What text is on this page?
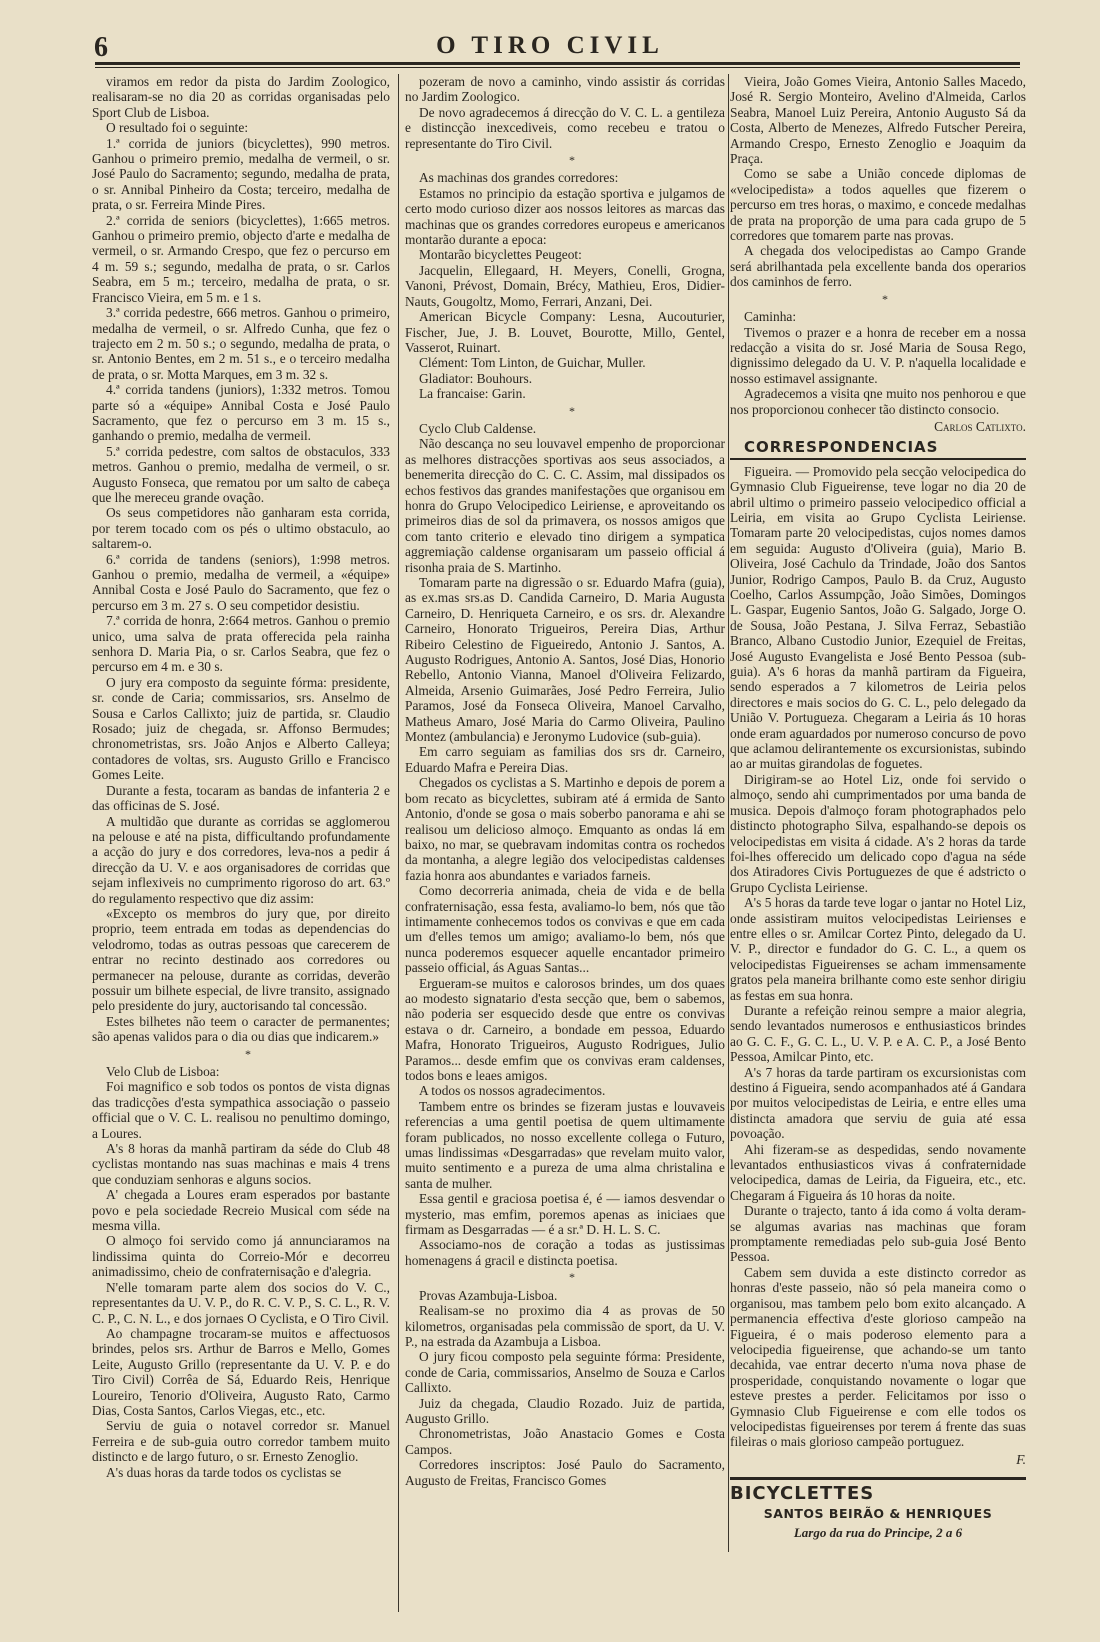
6	O TIRO CIVIL

viramos em redor da pista do Jardim Zoologico, realisaram-se no dia 20 as corridas organisadas pelo Sport Club de Lisboa.

O resultado foi o seguinte:

1.ª corrida de juniors (bicyclettes), 990 metros. Ganhou o primeiro premio, medalha de vermeil, o sr. José Paulo do Sacramento; segundo, medalha de prata, o sr. Annibal Pinheiro da Costa; terceiro, medalha de prata, o sr. Ferreira Minde Pires.

2.ª corrida de seniors (bicyclettes), 1:665 metros. Ganhou o primeiro premio, objecto d'arte e medalha de vermeil, o sr. Armando Crespo, que fez o percurso em 4 m. 59 s.; segundo, medalha de prata, o sr. Carlos Seabra, em 5 m.; terceiro, medalha de prata, o sr. Francisco Vieira, em 5 m. e 1 s.

3.ª corrida pedestre, 666 metros. Ganhou o primeiro, medalha de vermeil, o sr. Alfredo Cunha, que fez o trajecto em 2 m. 50 s.; o segundo, medalha de prata, o sr. Antonio Bentes, em 2 m. 51 s., e o terceiro medalha de prata, o sr. Motta Marques, em 3 m. 32 s.

4.ª corrida tandens (juniors), 1:332 metros. Tomou parte só a «équipe» Annibal Costa e José Paulo Sacramento, que fez o percurso em 3 m. 15 s., ganhando o premio, medalha de vermeil.

5.ª corrida pedestre, com saltos de obstaculos, 333 metros. Ganhou o premio, medalha de vermeil, o sr. Augusto Fonseca, que rematou por um salto de cabeça que lhe mereceu grande ovação.

Os seus competidores não ganharam esta corrida, por terem tocado com os pés o ultimo obstaculo, ao saltarem-o.

6.ª corrida de tandens (seniors), 1:998 metros. Ganhou o premio, medalha de vermeil, a «équipe» Annibal Costa e José Paulo do Sacramento, que fez o percurso em 3 m. 27 s. O seu competidor desistiu.

7.ª corrida de honra, 2:664 metros. Ganhou o premio unico, uma salva de prata offerecida pela rainha senhora D. Maria Pia, o sr. Carlos Seabra, que fez o percurso em 4 m. e 30 s.

O jury era composto da seguinte fórma: presidente, sr. conde de Caria; commissarios, srs. Anselmo de Sousa e Carlos Callixto; juiz de partida, sr. Claudio Rosado; juiz de chegada, sr. Affonso Bermudes; chronometristas, srs. João Anjos e Alberto Calleya; contadores de voltas, srs. Augusto Grillo e Francisco Gomes Leite.

Durante a festa, tocaram as bandas de infanteria 2 e das officinas de S. José.

A multidão que durante as corridas se agglomerou na pelouse e até na pista, difficultando profundamente a acção do jury e dos corredores, leva-nos a pedir á direcção da U. V. e aos organisadores de corridas que sejam inflexiveis no cumprimento rigoroso do art. 63.º do regulamento respectivo que diz assim:

«Excepto os membros do jury que, por direito proprio, teem entrada em todas as dependencias do velodromo, todas as outras pessoas que carecerem de entrar no recinto destinado aos corredores ou permanecer na pelouse, durante as corridas, deverão possuir um bilhete especial, de livre transito, assignado pelo presidente do jury, auctorisando tal concessão.

Estes bilhetes não teem o caracter de permanentes; são apenas validos para o dia ou dias que indicarem.»

*

Velo Club de Lisboa:

Foi magnifico e sob todos os pontos de vista dignas das tradicções d'esta sympathica associação o passeio official que o V. C. L. realisou no penultimo domingo, a Loures.

A's 8 horas da manhã partiram da séde do Club 48 cyclistas montando nas suas machinas e mais 4 trens que conduziam senhoras e alguns socios.

A' chegada a Loures eram esperados por bastante povo e pela sociedade Recreio Musical com séde na mesma villa.

O almoço foi servido como já annunciaramos na lindissima quinta do Correio-Mór e decorreu animadissimo, cheio de confraternisação e d'alegria.

N'elle tomaram parte alem dos socios do V. C., representantes da U. V. P., do R. C. V. P., S. C. L., R. V. C. P., C. N. L., e dos jornaes O Cyclista, e O Tiro Civil.

Ao champagne trocaram-se muitos e affectuosos brindes, pelos srs. Arthur de Barros e Mello, Gomes Leite, Augusto Grillo (representante da U. V. P. e do Tiro Civil) Corrêa de Sá, Eduardo Reis, Henrique Loureiro, Tenorio d'Oliveira, Augusto Rato, Carmo Dias, Costa Santos, Carlos Viegas, etc., etc.

Serviu de guia o notavel corredor sr. Manuel Ferreira e de sub-guia outro corredor tambem muito distincto e de largo futuro, o sr. Ernesto Zenoglio.

A's duas horas da tarde todos os cyclistas se

pozeram de novo a caminho, vindo assistir ás corridas no Jardim Zoologico.

De novo agradecemos á direcção do V. C. L. a gentileza e distincção inexcediveis, como recebeu e tratou o representante do Tiro Civil.

*

As machinas dos grandes corredores:

Estamos no principio da estação sportiva e julgamos de certo modo curioso dizer aos nossos leitores as marcas das machinas que os grandes corredores europeus e americanos montarão durante a epoca:

Montarão bicyclettes Peugeot:

Jacquelin, Ellegaard, H. Meyers, Conelli, Grogna, Vanoni, Prévost, Domain, Brécy, Mathieu, Eros, Didier-Nauts, Gougoltz, Momo, Ferrari, Anzani, Dei.

American Bicycle Company: Lesna, Aucouturier, Fischer, Jue, J. B. Louvet, Bourotte, Millo, Gentel, Vasserot, Ruinart.

Clément: Tom Linton, de Guichar, Muller.

Gladiator: Bouhours.

La francaise: Garin.

*

Cyclo Club Caldense.

Não descança no seu louvavel empenho de proporcionar as melhores distracções sportivas aos seus associados, a benemerita direcção do C. C. C. Assim, mal dissipados os echos festivos das grandes manifestações que organisou em honra do Grupo Velocipedico Leiriense, e aproveitando os primeiros dias de sol da primavera, os nossos amigos que com tanto criterio e elevado tino dirigem a sympatica aggremiação caldense organisaram um passeio official á risonha praia de S. Martinho.

Tomaram parte na digressão o sr. Eduardo Mafra (guia), as ex.mas srs.as D. Candida Carneiro, D. Maria Augusta Carneiro, D. Henriqueta Carneiro, e os srs. dr. Alexandre Carneiro, Honorato Trigueiros, Pereira Dias, Arthur Ribeiro Celestino de Figueiredo, Antonio J. Santos, A. Augusto Rodrigues, Antonio A. Santos, José Dias, Honorio Rebello, Antonio Vianna, Manoel d'Oliveira Felizardo, Almeida, Arsenio Guimarães, José Pedro Ferreira, Julio Paramos, José da Fonseca Oliveira, Manoel Carvalho, Matheus Amaro, José Maria do Carmo Oliveira, Paulino Montez (ambulancia) e Jeronymo Ludovice (sub-guia).

Em carro seguiam as familias dos srs dr. Carneiro, Eduardo Mafra e Pereira Dias.

Chegados os cyclistas a S. Martinho e depois de porem a bom recato as bicyclettes, subiram até á ermida de Santo Antonio, d'onde se gosa o mais soberbo panorama e ahi se realisou um delicioso almoço. Emquanto as ondas lá em baixo, no mar, se quebravam indomitas contra os rochedos da montanha, a alegre legião dos velocipedistas caldenses fazia honra aos abundantes e variados farneis.

Como decorreria animada, cheia de vida e de bella confraternisação, essa festa, avaliamo-lo bem, nós que tão intimamente conhecemos todos os convivas e que em cada um d'elles temos um amigo; avaliamo-lo bem, nós que nunca poderemos esquecer aquelle encantador primeiro passeio official, ás Aguas Santas...

Ergueram-se muitos e calorosos brindes, um dos quaes ao modesto signatario d'esta secção que, bem o sabemos, não poderia ser esquecido desde que entre os convivas estava o dr. Carneiro, a bondade em pessoa, Eduardo Mafra, Honorato Trigueiros, Augusto Rodrigues, Julio Paramos... desde emfim que os convivas eram caldenses, todos bons e leaes amigos.

A todos os nossos agradecimentos.

Tambem entre os brindes se fizeram justas e louvaveis referencias a uma gentil poetisa de quem ultimamente foram publicados, no nosso excellente collega o Futuro, umas lindissimas «Desgarradas» que revelam muito valor, muito sentimento e a pureza de uma alma christalina e santa de mulher.

Essa gentil e graciosa poetisa é, é — iamos desvendar o mysterio, mas emfim, poremos apenas as iniciaes que firmam as Desgarradas — é a sr.ª D. H. L. S. C.

Associamo-nos de coração a todas as justissimas homenagens á gracil e distincta poetisa.

*

Provas Azambuja-Lisboa.

Realisam-se no proximo dia 4 as provas de 50 kilometros, organisadas pela commissão de sport, da U. V. P., na estrada da Azambuja a Lisboa.

O jury ficou composto pela seguinte fórma: Presidente, conde de Caria, commissarios, Anselmo de Souza e Carlos Callixto.

Juiz da chegada, Claudio Rozado. Juiz de partida, Augusto Grillo.

Chronometristas, João Anastacio Gomes e Costa Campos.

Corredores inscriptos: José Paulo do Sacramento, Augusto de Freitas, Francisco Gomes

Vieira, João Gomes Vieira, Antonio Salles Macedo, José R. Sergio Monteiro, Avelino d'Almeida, Carlos Seabra, Manoel Luiz Pereira, Antonio Augusto Sá da Costa, Alberto de Menezes, Alfredo Futscher Pereira, Armando Crespo, Ernesto Zenoglio e Joaquim da Praça.

Como se sabe a União concede diplomas de «velocipedista» a todos aquelles que fizerem o percurso em tres horas, o maximo, e concede medalhas de prata na proporção de uma para cada grupo de 5 corredores que tomarem parte nas provas.

A chegada dos velocipedistas ao Campo Grande será abrilhantada pela excellente banda dos operarios dos caminhos de ferro.

*

Caminha:

Tivemos o prazer e a honra de receber em a nossa redacção a visita do sr. José Maria de Sousa Rego, dignissimo delegado da U. V. P. n'aquella localidade e nosso estimavel assignante.

Agradecemos a visita qne muito nos penhorou e que nos proporcionou conhecer tão distincto consocio.

Carlos Catlixto.

CORRESPONDENCIAS

Figueira. — Promovido pela secção velocipedica do Gymnasio Club Figueirense, teve logar no dia 20 de abril ultimo o primeiro passeio velocipedico official a Leiria, em visita ao Grupo Cyclista Leiriense. Tomaram parte 20 velocipedistas, cujos nomes damos em seguida: Augusto d'Oliveira (guia), Mario B. Oliveira, José Cachulo da Trindade, João dos Santos Junior, Rodrigo Campos, Paulo B. da Cruz, Augusto Coelho, Carlos Assumpção, João Simões, Domingos L. Gaspar, Eugenio Santos, João G. Salgado, Jorge O. de Sousa, João Pestana, J. Silva Ferraz, Sebastião Branco, Albano Custodio Junior, Ezequiel de Freitas, José Augusto Evangelista e José Bento Pessoa (sub-guia). A's 6 horas da manhã partiram da Figueira, sendo esperados a 7 kilometros de Leiria pelos directores e mais socios do G. C. L., pelo delegado da União V. Portugueza. Chegaram a Leiria ás 10 horas onde eram aguardados por numeroso concurso de povo que aclamou delirantemente os excursionistas, subindo ao ar muitas girandolas de foguetes.

Dirigiram-se ao Hotel Liz, onde foi servido o almoço, sendo ahi cumprimentados por uma banda de musica. Depois d'almoço foram photographados pelo distincto photographo Silva, espalhando-se depois os velocipedistas em visita á cidade. A's 2 horas da tarde foi-lhes offerecido um delicado copo d'agua na séde dos Atiradores Civis Portuguezes de que é adstricto o Grupo Cyclista Leiriense.

A's 5 horas da tarde teve logar o jantar no Hotel Liz, onde assistiram muitos velocipedistas Leirienses e entre elles o sr. Amilcar Cortez Pinto, delegado da U. V. P., director e fundador do G. C. L., a quem os velocipedistas Figueirenses se acham immensamente gratos pela maneira brilhante como este senhor dirigiu as festas em sua honra.

Durante a refeição reinou sempre a maior alegria, sendo levantados numerosos e enthusiasticos brindes ao G. C. F., G. C. L., U. V. P. e A. C. P., a José Bento Pessoa, Amilcar Pinto, etc.

A's 7 horas da tarde partiram os excursionistas com destino á Figueira, sendo acompanhados até á Gandara por muitos velocipedistas de Leiria, e entre elles uma distincta amadora que serviu de guia até essa povoação.

Ahi fizeram-se as despedidas, sendo novamente levantados enthusiasticos vivas á confraternidade velocipedica, damas de Leiria, da Figueira, etc., etc. Chegaram á Figueira ás 10 horas da noite.

Durante o trajecto, tanto á ida como á volta deram-se algumas avarias nas machinas que foram promptamente remediadas pelo sub-guia José Bento Pessoa.

Cabem sem duvida a este distincto corredor as honras d'este passeio, não só pela maneira como o organisou, mas tambem pelo bom exito alcançado. A permanencia effectiva d'este glorioso campeão na Figueira, é o mais poderoso elemento para a velocipedia figueirense, que achando-se um tanto decahida, vae entrar decerto n'uma nova phase de prosperidade, conquistando novamente o logar que esteve prestes a perder. Felicitamos por isso o Gymnasio Club Figueirense e com elle todos os velocipedistas figueirenses por terem á frente das suas fileiras o mais glorioso campeão portuguez.

F.

BICYCLETTES
SANTOS BEIRÃO & HENRIQUES
Largo da rua do Principe, 2 a 6
